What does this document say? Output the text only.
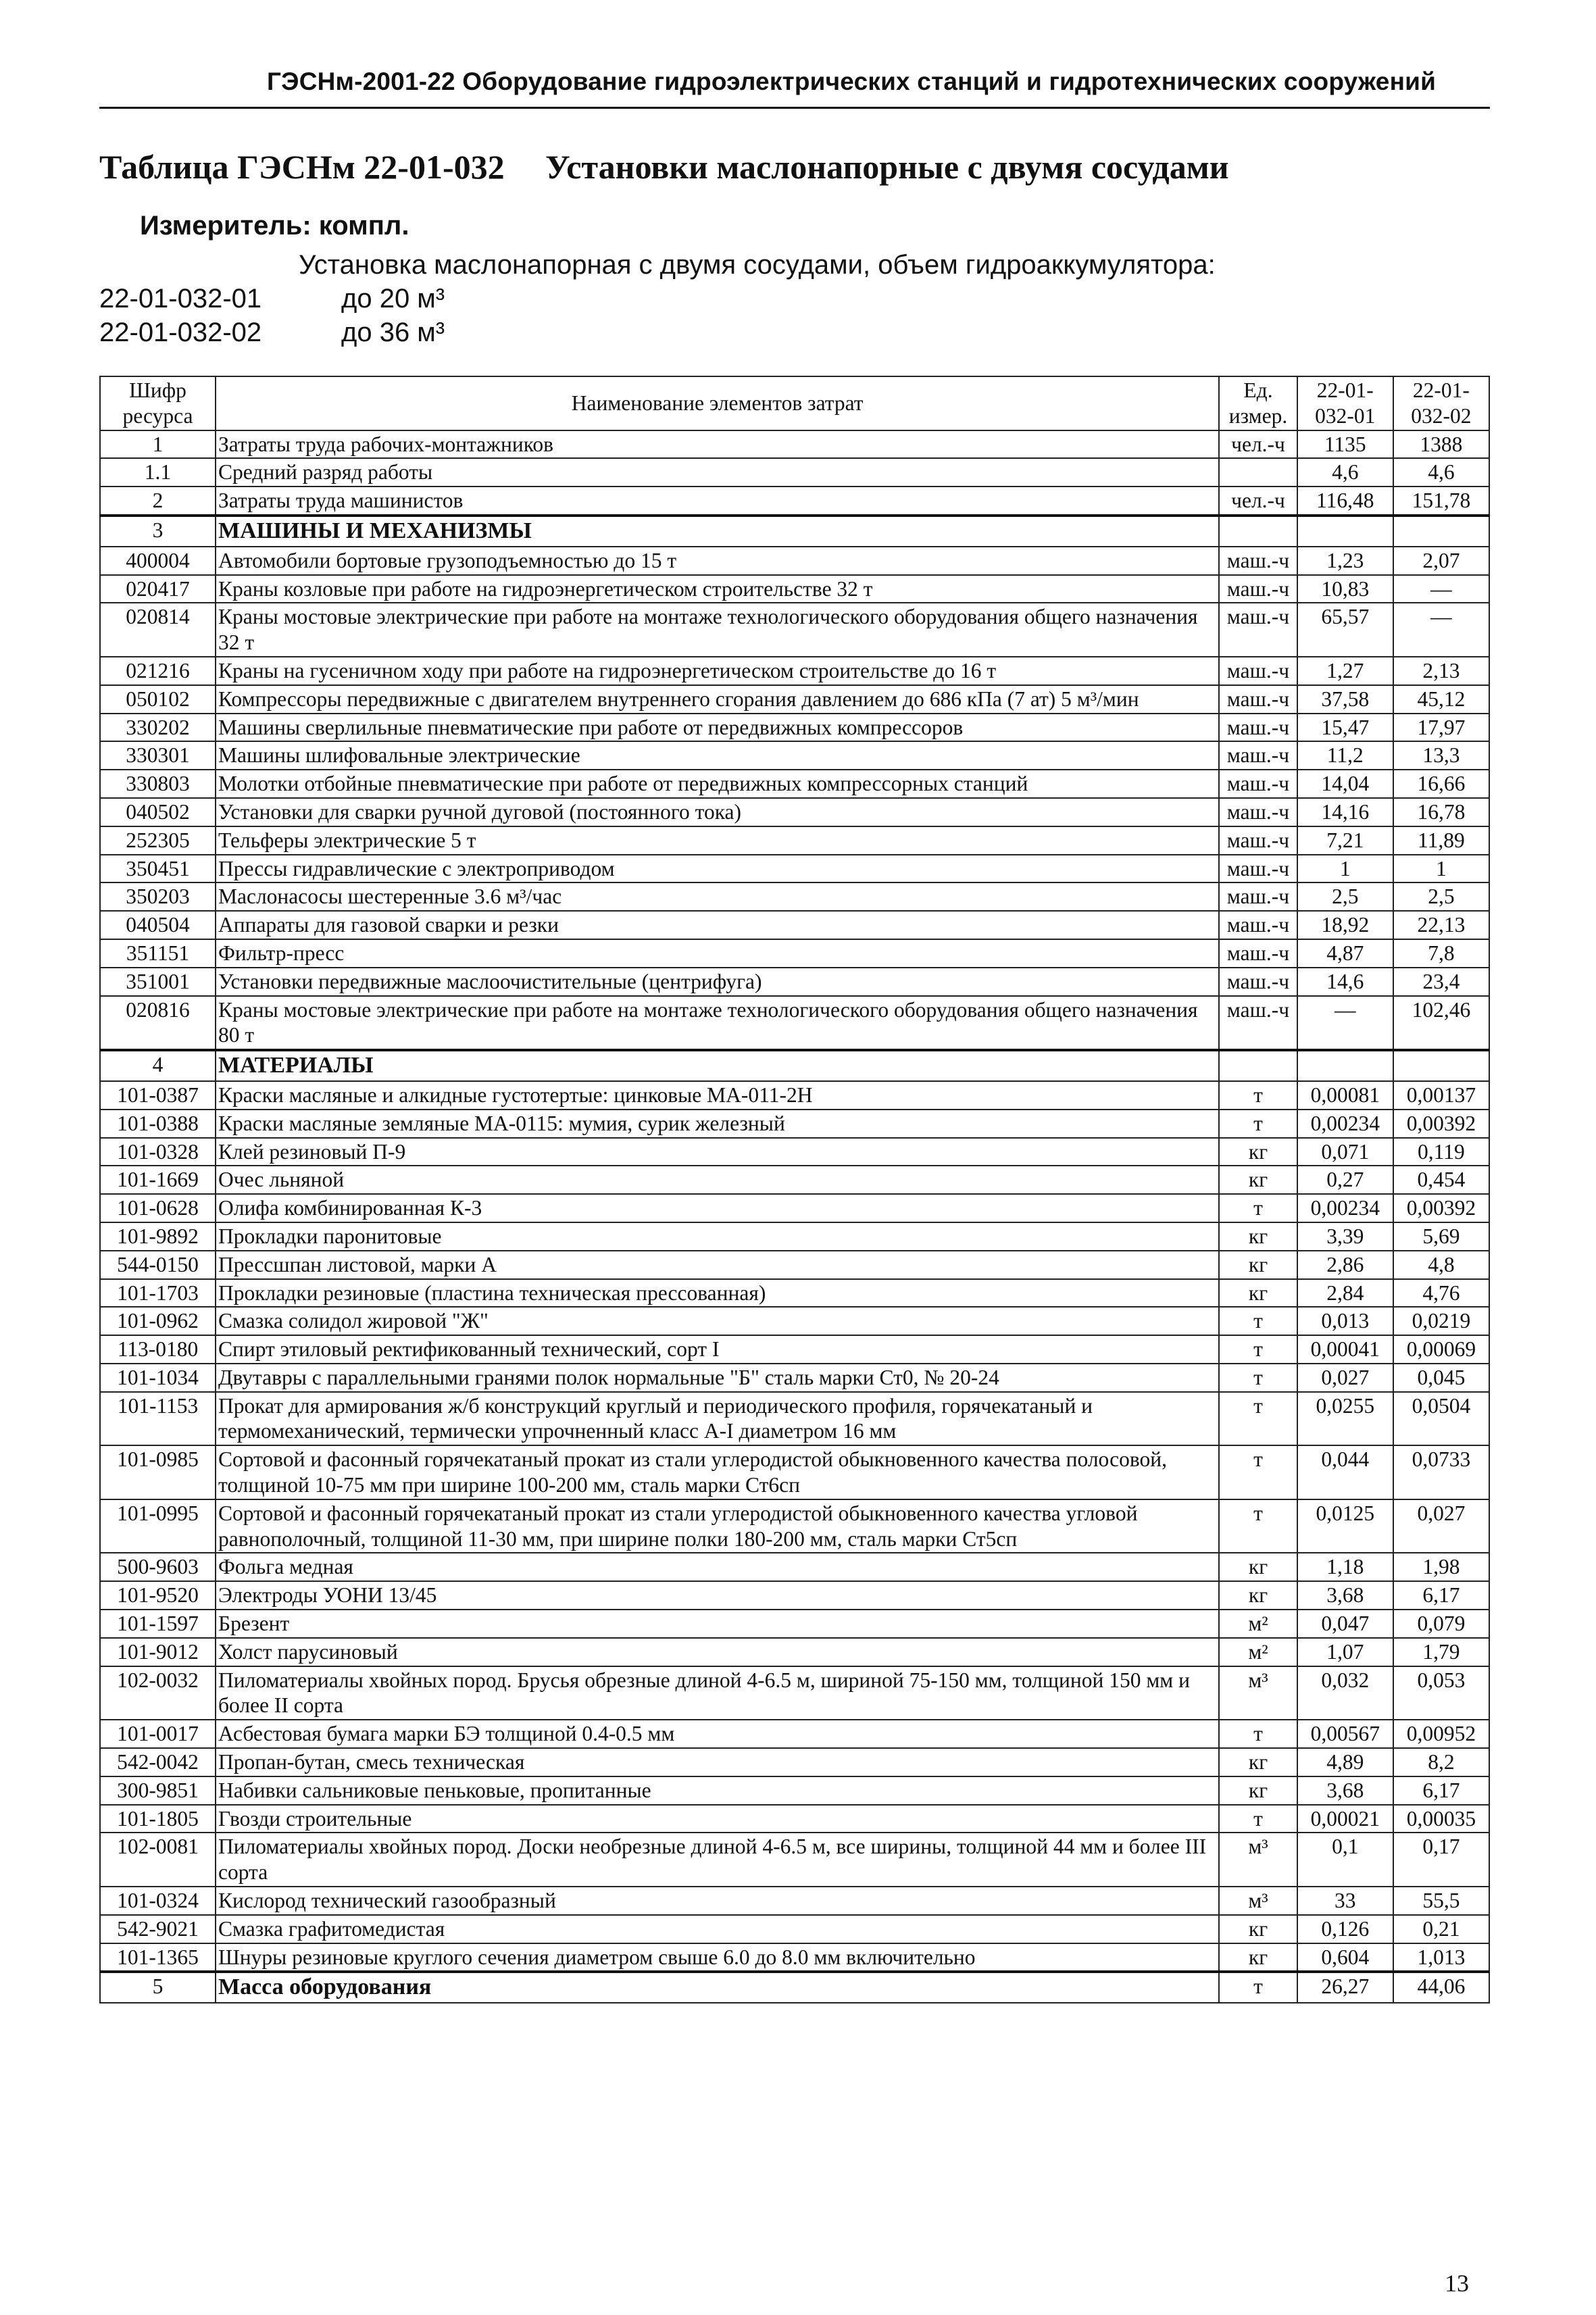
ГЭСНм-2001-22 Оборудование гидроэлектрических станций и гидротехнических сооружений
Таблица ГЭСНм 22-01-032 Установки маслонапорные с двумя сосудами
Измеритель: компл.
Установка маслонапорная с двумя сосудами, объем гидроаккумулятора:
22-01-032-01	до 20 м³
22-01-032-02	до 36 м³
Шифр ресурса	Наименование элементов затрат	Ед. измер.	22-01-032-01	22-01-032-02
1	Затраты труда рабочих-монтажников	чел.-ч	1135	1388
1.1	Средний разряд работы		4,6	4,6
2	Затраты труда машинистов	чел.-ч	116,48	151,78
3	МАШИНЫ И МЕХАНИЗМЫ			
400004	Автомобили бортовые грузоподъемностью до 15 т	маш.-ч	1,23	2,07
020417	Краны козловые при работе на гидроэнергетическом строительстве 32 т	маш.-ч	10,83	—
020814	Краны мостовые электрические при работе на монтаже технологического оборудования общего назначения 32 т	маш.-ч	65,57	—
021216	Краны на гусеничном ходу при работе на гидроэнергетическом строительстве до 16 т	маш.-ч	1,27	2,13
050102	Компрессоры передвижные с двигателем внутреннего сгорания давлением до 686 кПа (7 ат) 5 м³/мин	маш.-ч	37,58	45,12
330202	Машины сверлильные пневматические при работе от передвижных компрессоров	маш.-ч	15,47	17,97
330301	Машины шлифовальные электрические	маш.-ч	11,2	13,3
330803	Молотки отбойные пневматические при работе от передвижных компрессорных станций	маш.-ч	14,04	16,66
040502	Установки для сварки ручной дуговой (постоянного тока)	маш.-ч	14,16	16,78
252305	Тельферы электрические 5 т	маш.-ч	7,21	11,89
350451	Прессы гидравлические с электроприводом	маш.-ч	1	1
350203	Маслонасосы шестеренные 3.6 м³/час	маш.-ч	2,5	2,5
040504	Аппараты для газовой сварки и резки	маш.-ч	18,92	22,13
351151	Фильтр-пресс	маш.-ч	4,87	7,8
351001	Установки передвижные маслоочистительные (центрифуга)	маш.-ч	14,6	23,4
020816	Краны мостовые электрические при работе на монтаже технологического оборудования общего назначения 80 т	маш.-ч	—	102,46
4	МАТЕРИАЛЫ			
101-0387	Краски масляные и алкидные густотертые: цинковые МА-011-2Н	т	0,00081	0,00137
101-0388	Краски масляные земляные МА-0115: мумия, сурик железный	т	0,00234	0,00392
101-0328	Клей резиновый П-9	кг	0,071	0,119
101-1669	Очес льняной	кг	0,27	0,454
101-0628	Олифа комбинированная К-3	т	0,00234	0,00392
101-9892	Прокладки паронитовые	кг	3,39	5,69
544-0150	Прессшпан листовой, марки А	кг	2,86	4,8
101-1703	Прокладки резиновые (пластина техническая прессованная)	кг	2,84	4,76
101-0962	Смазка солидол жировой "Ж"	т	0,013	0,0219
113-0180	Спирт этиловый ректификованный технический, сорт I	т	0,00041	0,00069
101-1034	Двутавры с параллельными гранями полок нормальные "Б" сталь марки Ст0, № 20-24	т	0,027	0,045
101-1153	Прокат для армирования ж/б конструкций круглый и периодического профиля, горячекатаный и термомеханический, термически упрочненный класс А-I диаметром 16 мм	т	0,0255	0,0504
101-0985	Сортовой и фасонный горячекатаный прокат из стали углеродистой обыкновенного качества полосовой, толщиной 10-75 мм при ширине 100-200 мм, сталь марки Ст6сп	т	0,044	0,0733
101-0995	Сортовой и фасонный горячекатаный прокат из стали углеродистой обыкновенного качества угловой равнополочный, толщиной 11-30 мм, при ширине полки 180-200 мм, сталь марки Ст5сп	т	0,0125	0,027
500-9603	Фольга медная	кг	1,18	1,98
101-9520	Электроды УОНИ 13/45	кг	3,68	6,17
101-1597	Брезент	м²	0,047	0,079
101-9012	Холст парусиновый	м²	1,07	1,79
102-0032	Пиломатериалы хвойных пород. Брусья обрезные длиной 4-6.5 м, шириной 75-150 мм, толщиной 150 мм и более II сорта	м³	0,032	0,053
101-0017	Асбестовая бумага марки БЭ толщиной 0.4-0.5 мм	т	0,00567	0,00952
542-0042	Пропан-бутан, смесь техническая	кг	4,89	8,2
300-9851	Набивки сальниковые пеньковые, пропитанные	кг	3,68	6,17
101-1805	Гвозди строительные	т	0,00021	0,00035
102-0081	Пиломатериалы хвойных пород. Доски необрезные длиной 4-6.5 м, все ширины, толщиной 44 мм и более III сорта	м³	0,1	0,17
101-0324	Кислород технический газообразный	м³	33	55,5
542-9021	Смазка графитомедистая	кг	0,126	0,21
101-1365	Шнуры резиновые круглого сечения диаметром свыше 6.0 до 8.0 мм включительно	кг	0,604	1,013
5	Масса оборудования	т	26,27	44,06
13
